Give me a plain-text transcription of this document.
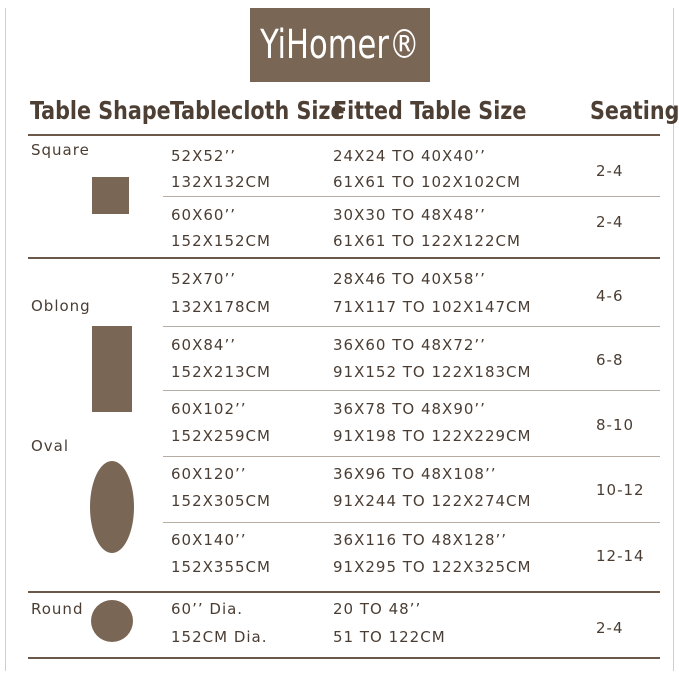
YiHomer®
Table Shape Tablecloth Size
Fitted Table Size	Seating
Square
Oblong
Oval
Round
52X52’’
132X132CM
24X24 TO 40X40’’
61X61 TO 102X102CM
2-4
60X60’’
152X152CM
30X30 TO 48X48’’
61X61 TO 122X122CM
2-4
52X70’’
132X178CM
28X46 TO 40X58’’
71X117 TO 102X147CM
4-6
60X84’’
152X213CM
36X60 TO 48X72’’
91X152 TO 122X183CM
6-8
60X102’’
152X259CM
36X78 TO 48X90’’
91X198 TO 122X229CM
8-10
60X120’’
152X305CM
36X96 TO 48X108’’
91X244 TO 122X274CM
10-12
60X140’’
152X355CM
36X116 TO 48X128’’
91X295 TO 122X325CM
12-14
60’’ Dia.
152CM Dia.
20 TO 48’’
51 TO 122CM	2-4
